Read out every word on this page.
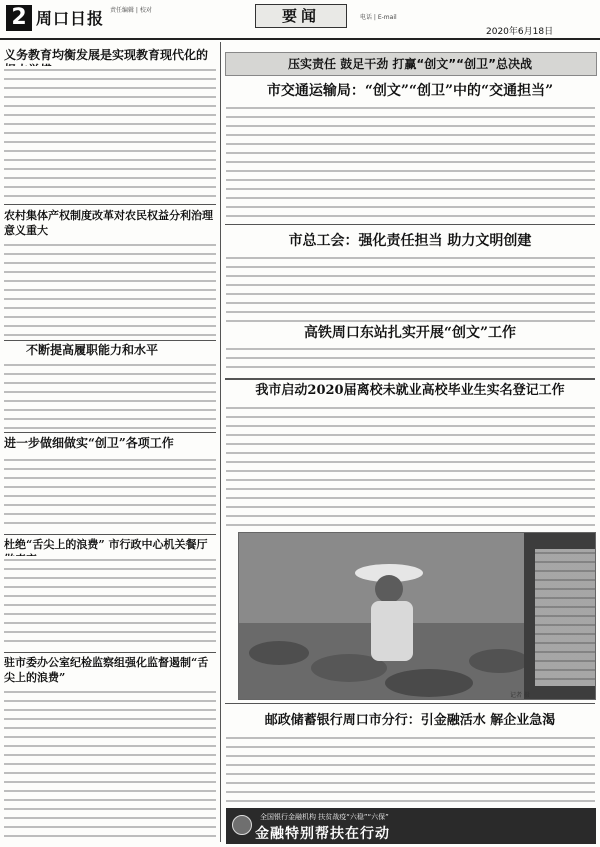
2 周口日报 责任编辑 | 校对	要闻	电话 | E-mail
2020年6月18日
义务教育均衡发展是实现教育现代化的
农村集体产权制度改革对农民权益分利治理意义重大
不断提高履职能力和水平
进一步做细做实“创卫”各项工作
杜绝“舌尖上的浪费” 市行政中心机关餐厅
驻市委办公室纪检监察组强化监督遏制“舌尖上的浪费”
压实责任 鼓足干劲 打赢“创文”“创卫”总决战
市交通运输局：“创文”“创卫”中的“交通担当”
市总工会：强化责任担当 助力文明创建
高铁周口东站扎实开展“创文”工作
我市启动2020届离校未就业高校毕业生实名登记工作
记者 摄
邮政储蓄银行周口市分行：引金融活水 解企业急渴
全国银行金融机构 扶贫战疫“六稳”“六保”
金融特别帮扶在行动
